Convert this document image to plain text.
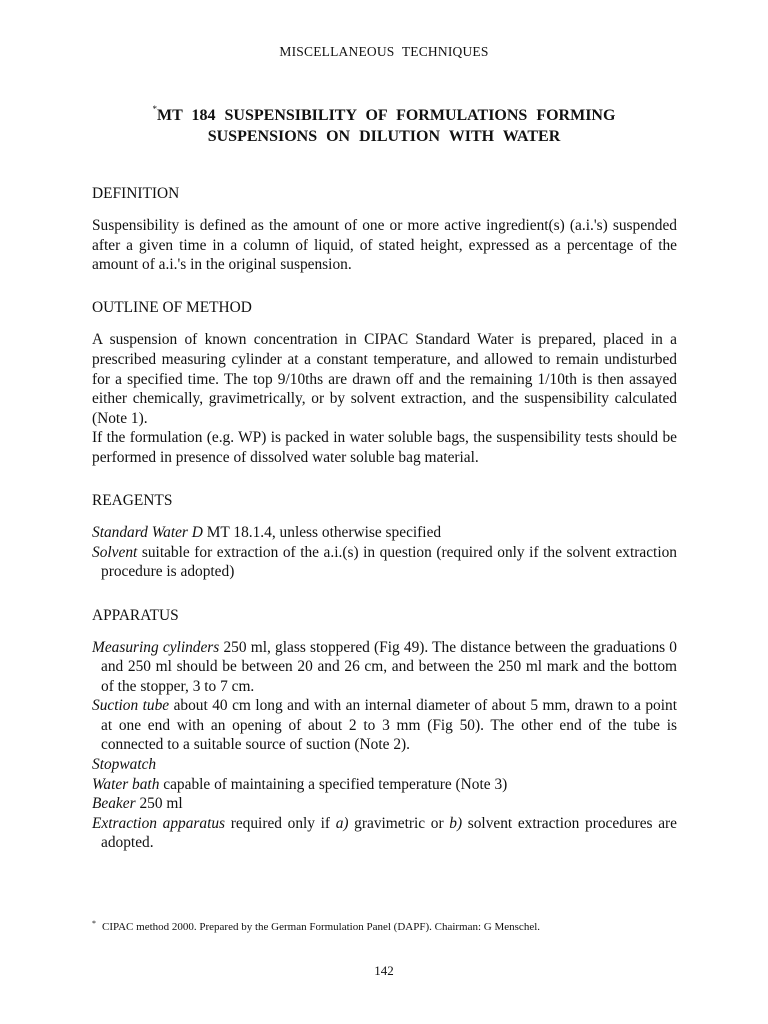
MISCELLANEOUS TECHNIQUES
*MT 184 SUSPENSIBILITY OF FORMULATIONS FORMING
SUSPENSIONS ON DILUTION WITH WATER

DEFINITION

Suspensibility is defined as the amount of one or more active ingredient(s) (a.i.'s) suspended after a given time in a column of liquid, of stated height, expressed as a percentage of the amount of a.i.'s in the original suspension.

OUTLINE OF METHOD

A suspension of known concentration in CIPAC Standard Water is prepared, placed in a prescribed measuring cylinder at a constant temperature, and allowed to remain undisturbed for a specified time. The top 9/10ths are drawn off and the remaining 1/10th is then assayed either chemically, gravimetrically, or by solvent extraction, and the suspensibility calculated (Note 1).

If the formulation (e.g. WP) is packed in water soluble bags, the suspensibility tests should be performed in presence of dissolved water soluble bag material.

REAGENTS

Standard Water D MT 18.1.4, unless otherwise specified

Solvent suitable for extraction of the a.i.(s) in question (required only if the solvent extraction procedure is adopted)

APPARATUS

Measuring cylinders 250 ml, glass stoppered (Fig 49). The distance between the graduations 0 and 250 ml should be between 20 and 26 cm, and between the 250 ml mark and the bottom of the stopper, 3 to 7 cm.

Suction tube about 40 cm long and with an internal diameter of about 5 mm, drawn to a point at one end with an opening of about 2 to 3 mm (Fig 50). The other end of the tube is connected to a suitable source of suction (Note 2).

Stopwatch

Water bath capable of maintaining a specified temperature (Note 3)

Beaker 250 ml

Extraction apparatus required only if a) gravimetric or b) solvent extraction procedures are adopted.

* CIPAC method 2000. Prepared by the German Formulation Panel (DAPF). Chairman: G Menschel.
142
